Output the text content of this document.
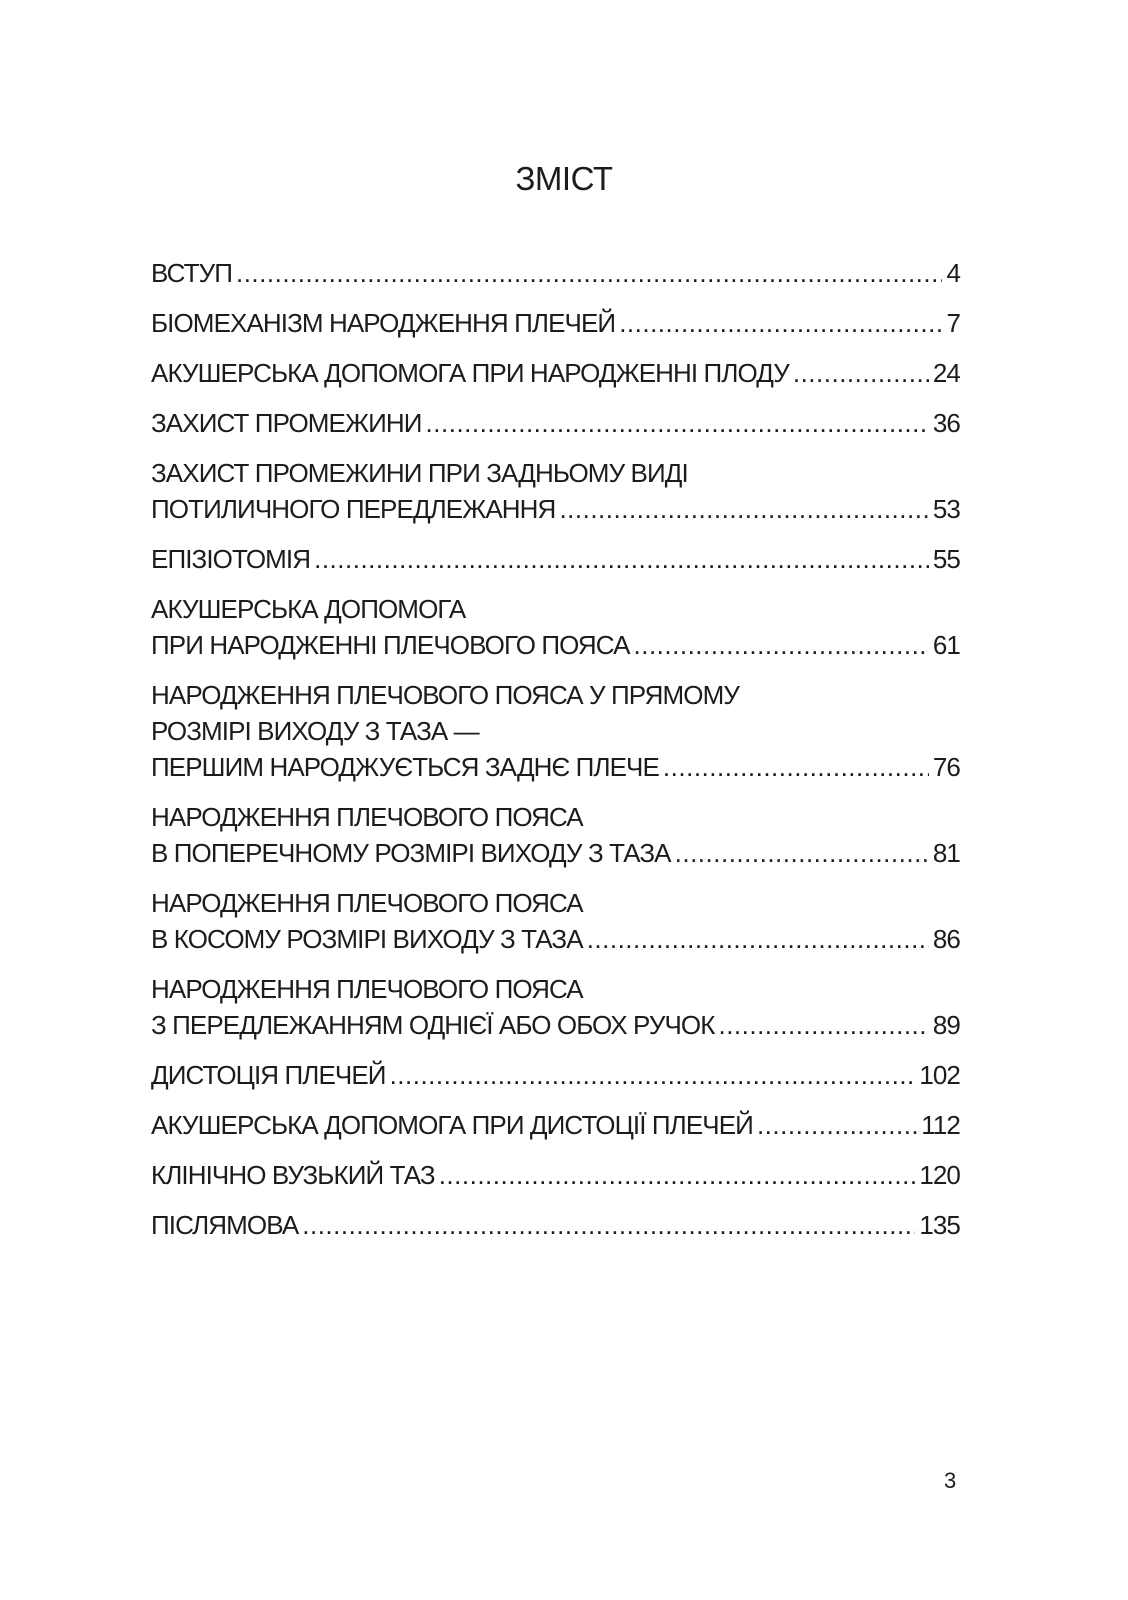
ЗМІСТ
ВСТУП .....	4
БІОМЕХАНІЗМ НАРОДЖЕННЯ ПЛЕЧЕЙ .....	7
АКУШЕРСЬКА ДОПОМОГА ПРИ НАРОДЖЕННІ ПЛОДУ .....	24
ЗАХИСТ ПРОМЕЖИНИ .....	36
ЗАХИСТ ПРОМЕЖИНИ ПРИ ЗАДНЬОМУ ВИДІ
ПОТИЛИЧНОГО ПЕРЕДЛЕЖАННЯ .....	53
ЕПІЗІОТОМІЯ .....	55
АКУШЕРСЬКА ДОПОМОГА
ПРИ НАРОДЖЕННІ ПЛЕЧОВОГО ПОЯСА .....	61
НАРОДЖЕННЯ ПЛЕЧОВОГО ПОЯСА У ПРЯМОМУ
РОЗМІРІ ВИХОДУ З ТАЗА —
ПЕРШИМ НАРОДЖУЄТЬСЯ ЗАДНЄ ПЛЕЧЕ .....	76
НАРОДЖЕННЯ ПЛЕЧОВОГО ПОЯСА
В ПОПЕРЕЧНОМУ РОЗМІРІ ВИХОДУ З ТАЗА .....	81
НАРОДЖЕННЯ ПЛЕЧОВОГО ПОЯСА
В КОСОМУ РОЗМІРІ ВИХОДУ З ТАЗА .....	86
НАРОДЖЕННЯ ПЛЕЧОВОГО ПОЯСА
З ПЕРЕДЛЕЖАННЯМ ОДНІЄЇ АБО ОБОХ РУЧОК .....	89
ДИСТОЦІЯ ПЛЕЧЕЙ .....	102
АКУШЕРСЬКА ДОПОМОГА ПРИ ДИСТОЦІЇ ПЛЕЧЕЙ .....	112
КЛІНІЧНО ВУЗЬКИЙ ТАЗ .....	120
ПІСЛЯМОВА .....	135
3
